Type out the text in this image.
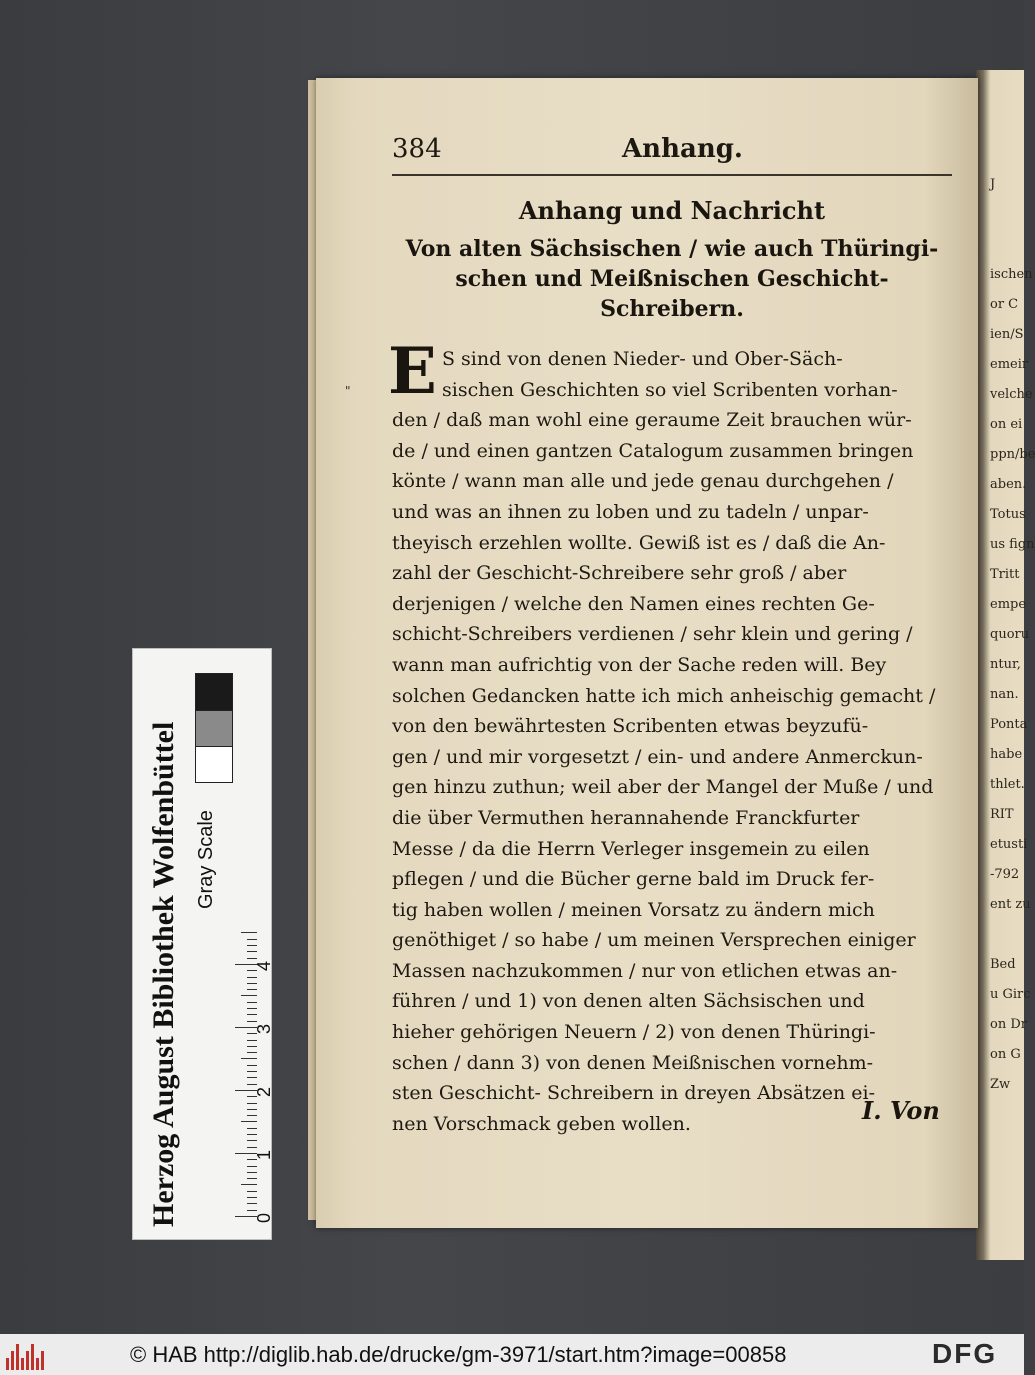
J
ischen
or C
ien/S
emeir
velche
on ei
ppn/be
aben.
Totus
us fign
Tritt
empe
quoru
ntur,
nan.
Ponta
habe
thlet.
RIT
etusti
-792
ent zu
Bed
u Girc
on Dr
on G
Zw
"
384	Anhang.
Anhang und Nachricht
Von alten Sächsischen / wie auch Thüringi-
schen und Meißnischen Geschicht-
Schreibern.
E S sind von denen Nieder- und Ober-Säch-
sischen Geschichten so viel Scribenten vorhan-
den / daß man wohl eine geraume Zeit brauchen wür-
de / und einen gantzen Catalogum zusammen bringen
könte / wann man alle und jede genau durchgehen /
und was an ihnen zu loben und zu tadeln / unpar-
theyisch erzehlen wollte. Gewiß ist es / daß die An-
zahl der Geschicht-Schreibere sehr groß / aber
derjenigen / welche den Namen eines rechten Ge-
schicht-Schreibers verdienen / sehr klein und gering /
wann man aufrichtig von der Sache reden will. Bey
solchen Gedancken hatte ich mich anheischig gemacht /
von den bewährtesten Scribenten etwas beyzufü-
gen / und mir vorgesetzt / ein- und andere Anmerckun-
gen hinzu zuthun; weil aber der Mangel der Muße / und
die über Vermuthen herannahende Franckfurter
Messe / da die Herrn Verleger insgemein zu eilen
pflegen / und die Bücher gerne bald im Druck fer-
tig haben wollen / meinen Vorsatz zu ändern mich
genöthiget / so habe / um meinen Versprechen einiger
Massen nachzukommen / nur von etlichen etwas an-
führen / und 1) von denen alten Sächsischen und
hieher gehörigen Neuern / 2) von denen Thüringi-
schen / dann 3) von denen Meißnischen vornehm-
sten Geschicht- Schreibern in dreyen Absätzen ei-
nen Vorschmack geben wollen.	I. Von
Herzog August Bibliothek Wolfenbüttel Gray Scale
0
1
2
3
4
© HAB http://diglib.hab.de/drucke/gm-3971/start.htm?image=00858	DFG
